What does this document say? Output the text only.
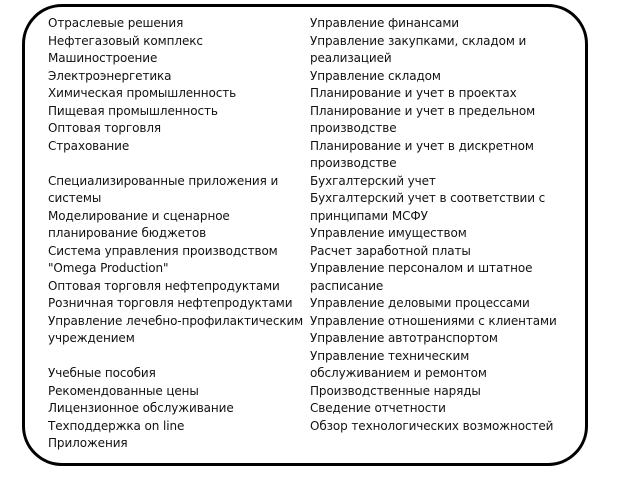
Отраслевые решения
Нефтегазовый комплекс
Машиностроение
Электроэнергетика
Химическая промышленность
Пищевая промышленность
Оптовая торговля
Страхование
Специализированные приложения и
системы
Моделирование и сценарное
планирование бюджетов
Система управления производством
"Omega Production"
Оптовая торговля нефтепродуктами
Розничная торговля нефтепродуктами
Управление лечебно-профилактическим
учреждением
Учебные пособия
Рекомендованные цены
Лицензионное обслуживание
Техподдержка on line
Приложения
Управление финансами
Управление закупками, складом и
реализацией
Управление складом
Планирование и учет в проектах
Планирование и учет в предельном
производстве
Планирование и учет в дискретном
производстве
Бухгалтерский учет
Бухгалтерский учет в соответствии с
принципами МСФУ
Управление имуществом
Расчет заработной платы
Управление персоналом и штатное
расписание
Управление деловыми процессами
Управление отношениями с клиентами
Управление автотранспортом
Управление техническим
обслуживанием и ремонтом
Производственные наряды
Сведение отчетности
Обзор технологических возможностей
